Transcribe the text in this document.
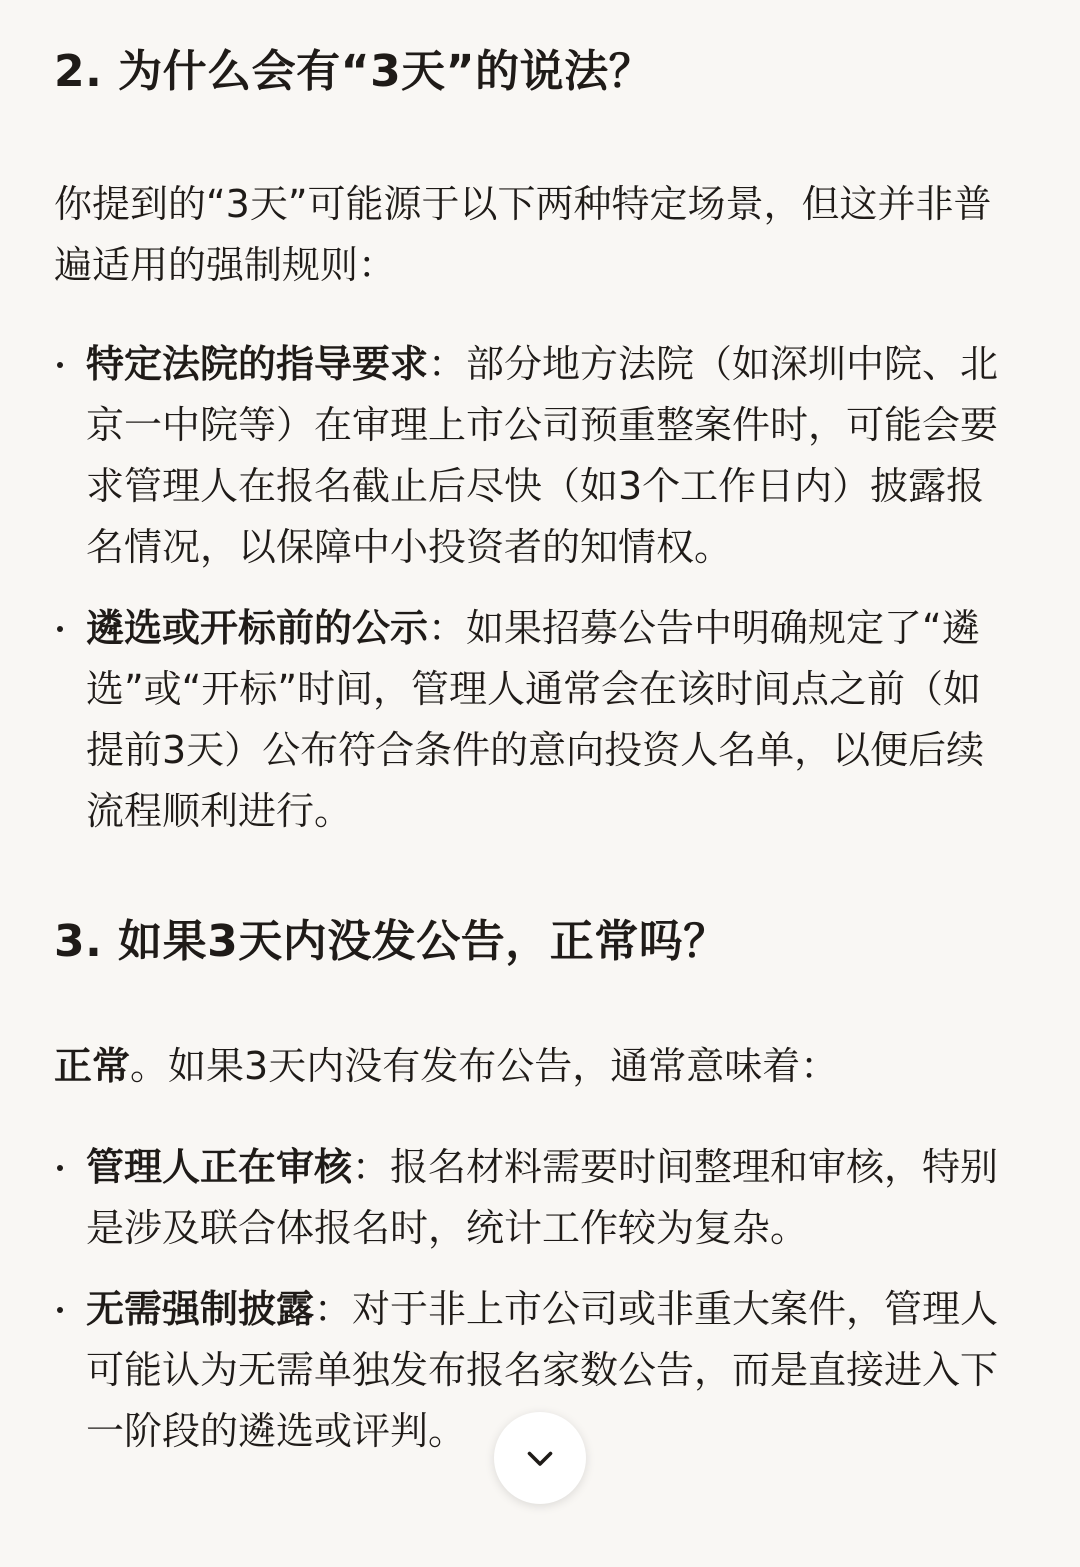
2. 为什么会有“3天”的说法？

你提到的“3天”可能源于以下两种特定场景，但这并非普遍适用的强制规则：

特定法院的指导要求：部分地方法院（如深圳中院、北京一中院等）在审理上市公司预重整案件时，可能会要求管理人在报名截止后尽快（如3个工作日内）披露报名情况，以保障中小投资者的知情权。
遴选或开标前的公示：如果招募公告中明确规定了“遴选”或“开标”时间，管理人通常会在该时间点之前（如提前3天）公布符合条件的意向投资人名单，以便后续流程顺利进行。
3. 如果3天内没发公告，正常吗？

正常。如果3天内没有发布公告，通常意味着：

管理人正在审核：报名材料需要时间整理和审核，特别是涉及联合体报名时，统计工作较为复杂。
无需强制披露：对于非上市公司或非重大案件，管理人可能认为无需单独发布报名家数公告，而是直接进入下一阶段的遴选或评判。
